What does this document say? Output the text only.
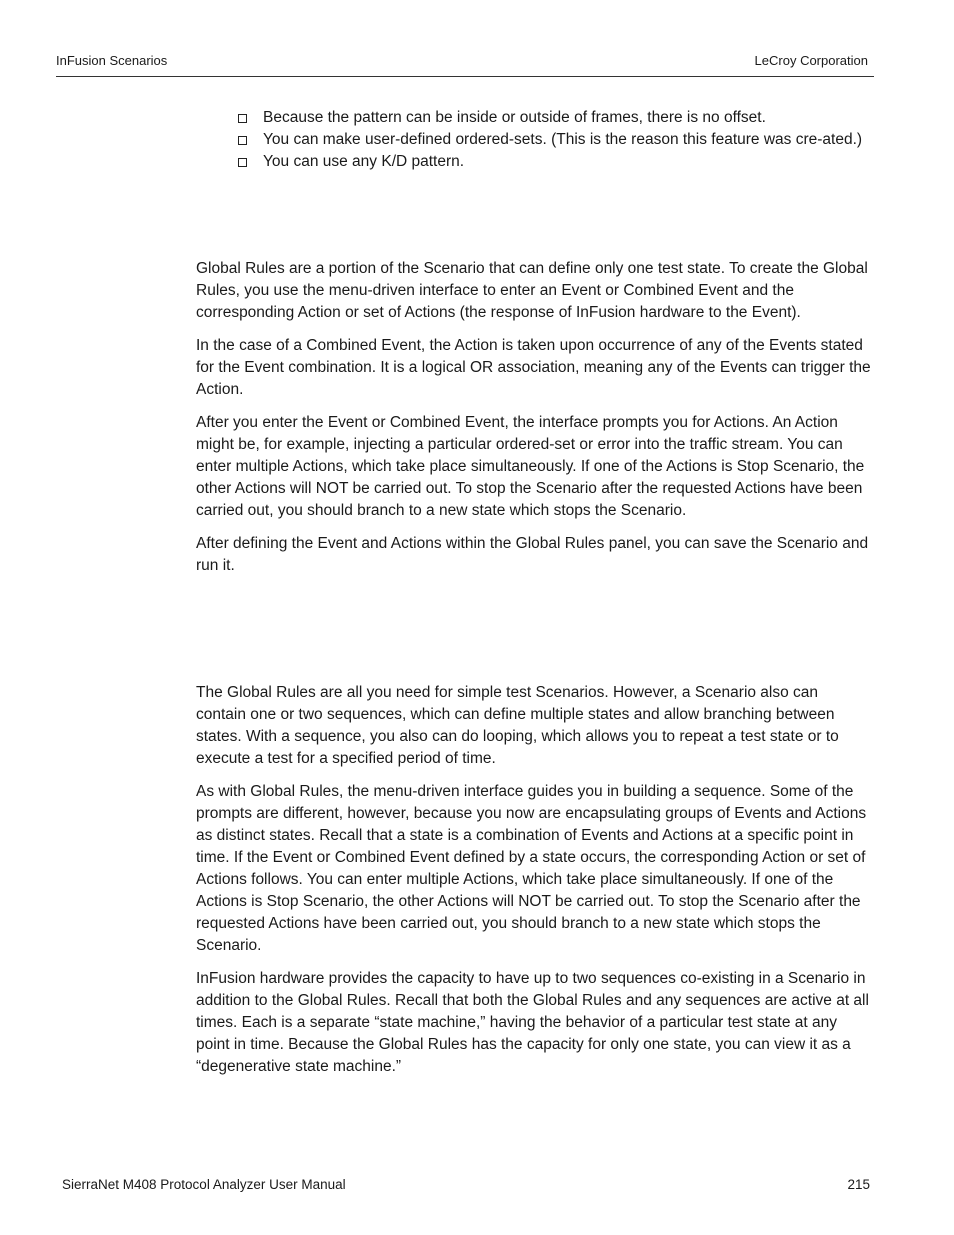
InFusion Scenarios	LeCroy Corporation
Because the pattern can be inside or outside of frames, there is no offset.
You can make user-defined ordered-sets. (This is the reason this feature was cre-ated.)
You can use any K/D pattern.

Global Rules are a portion of the Scenario that can define only one test state. To create the Global Rules, you use the menu-driven interface to enter an Event or Combined Event and the corresponding Action or set of Actions (the response of InFusion hardware to the Event).

In the case of a Combined Event, the Action is taken upon occurrence of any of the Events stated for the Event combination. It is a logical OR association, meaning any of the Events can trigger the Action.

After you enter the Event or Combined Event, the interface prompts you for Actions. An Action might be, for example, injecting a particular ordered-set or error into the traffic stream. You can enter multiple Actions, which take place simultaneously. If one of the Actions is Stop Scenario, the other Actions will NOT be carried out. To stop the Scenario after the requested Actions have been carried out, you should branch to a new state which stops the Scenario.

After defining the Event and Actions within the Global Rules panel, you can save the Scenario and run it.

The Global Rules are all you need for simple test Scenarios. However, a Scenario also can contain one or two sequences, which can define multiple states and allow branching between states. With a sequence, you also can do looping, which allows you to repeat a test state or to execute a test for a specified period of time.

As with Global Rules, the menu-driven interface guides you in building a sequence. Some of the prompts are different, however, because you now are encapsulating groups of Events and Actions as distinct states. Recall that a state is a combination of Events and Actions at a specific point in time. If the Event or Combined Event defined by a state occurs, the corresponding Action or set of Actions follows. You can enter multiple Actions, which take place simultaneously. If one of the Actions is Stop Scenario, the other Actions will NOT be carried out. To stop the Scenario after the requested Actions have been carried out, you should branch to a new state which stops the Scenario.

InFusion hardware provides the capacity to have up to two sequences co-existing in a Scenario in addition to the Global Rules. Recall that both the Global Rules and any sequences are active at all times. Each is a separate “state machine,” having the behavior of a particular test state at any point in time. Because the Global Rules has the capacity for only one state, you can view it as a “degenerative state machine.”

SierraNet M408 Protocol Analyzer User Manual	215
